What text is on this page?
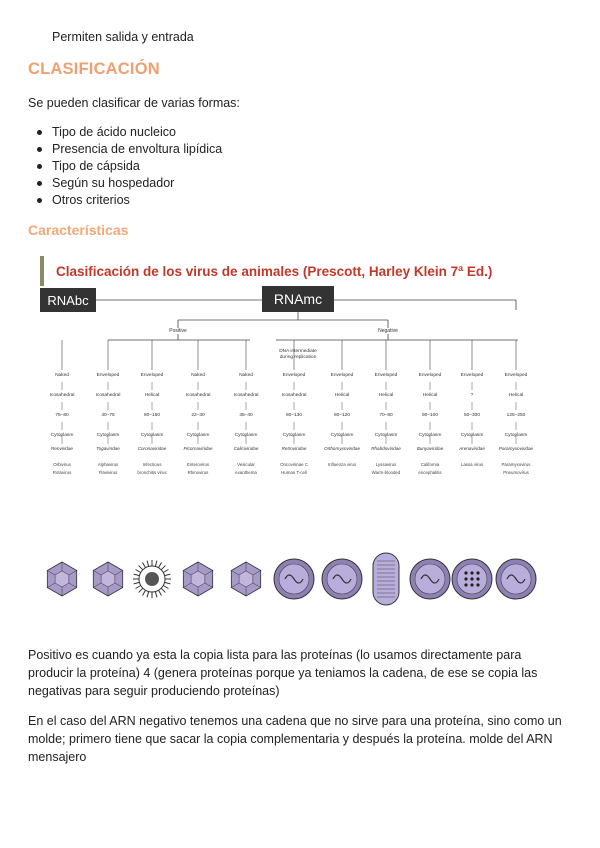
Permiten salida y entrada

CLASIFICACIÓN

Se pueden clasificar de varias formas:

Tipo de ácido nucleico
Presencia de envoltura lipídica
Tipo de cápsida
Según su hospedador
Otros criterios
Características
Clasificación de los virus de animales (Prescott, Harley Klein 7ª Ed.)
RNAbc	RNAmc
Positive	Negative
DNA intermediate
during replication
Naked
Icosahedral
75–80
Cytoplasm
Reoviridae
Orbivirus
Rotavirus
Enveloped
Icosahedral
40–75
Cytoplasm
Togaviridae
Alphavirus
Flavivirus
Enveloped
Helical
80–160
Cytoplasm
Coronaviridae
Infectious
bronchitis virus
Naked
Icosahedral
22–30
Cytoplasm
Picornaviridae
Enterovirus
Rhinovirus
Naked
Icosahedral
35–40
Cytoplasm
Caliciviridae
Vesicular
exanthema
Enveloped
Icosahedral
80–130
Cytoplasm
Retroviridae
Oncovirinae C
Human T-cell
Enveloped
Helical
80–120
Cytoplasm
Orthomyxoviridae
Influenza virus
Enveloped
Helical
70–80
Cytoplasm
Rhabdoviridae
Lyssavirus
Warm-blooded
Enveloped
Helical
90–100
Cytoplasm
Bunyaviridae
California
encephalitis
Enveloped
?
50–300
Cytoplasm
Arenaviridae
Lassa virus
Enveloped
Helical
125–250
Cytoplasm
Paramyxoviridae
Paramyxovirus
Pneumovirus

Positivo es cuando ya esta la copia lista para las proteínas (lo usamos directamente para producir la proteína) 4 (genera proteínas porque ya teniamos la cadena, de ese se copia las negativas para seguir produciendo proteínas)

En el caso del ARN negativo tenemos una cadena que no sirve para una proteína, sino como un molde; primero tiene que sacar la copia complementaria y después la proteína. molde del ARN mensajero
